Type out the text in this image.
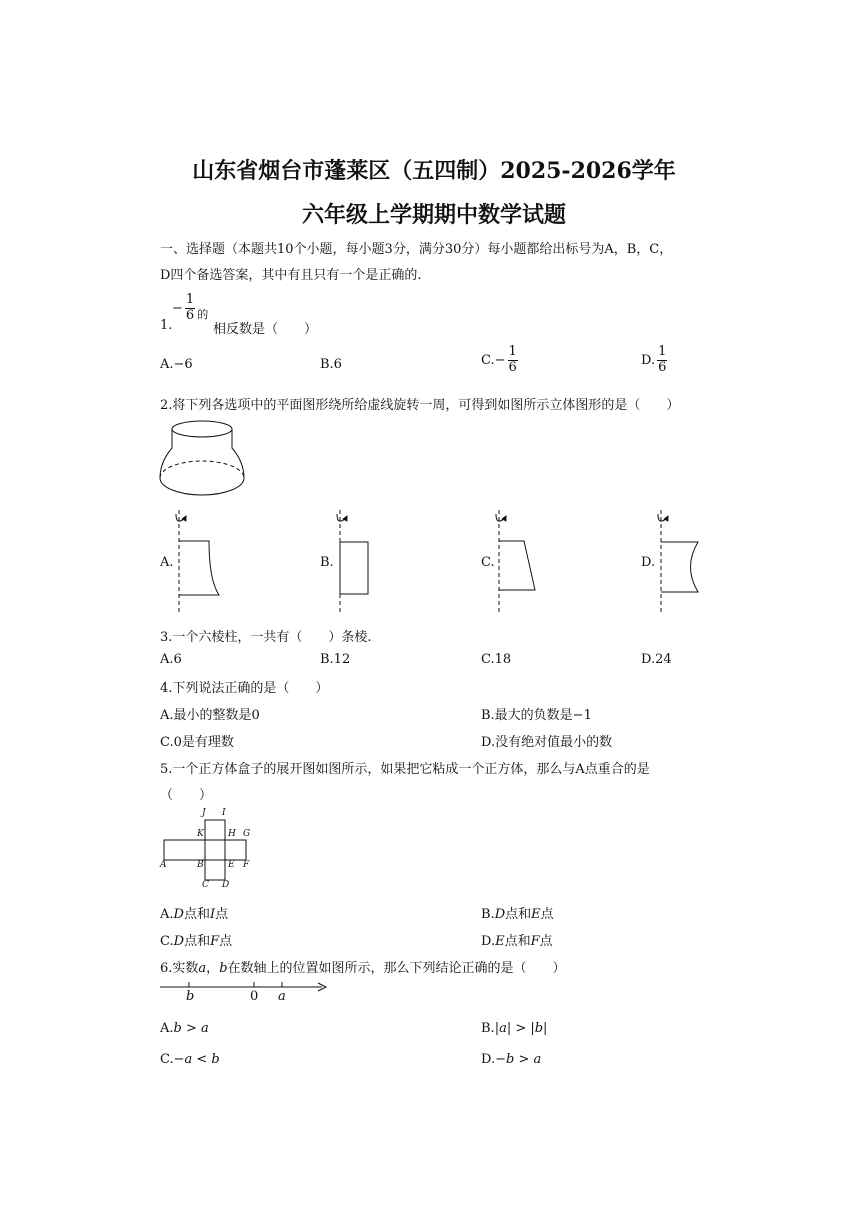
山东省烟台市蓬莱区（五四制）2025-2026学年
六年级上学期期中数学试题
一、选择题（本题共10个小题，每小题3分，满分30分）每小题都给出标号为A，B，C，
D四个备选答案，其中有且只有一个是正确的.
1.
− $\frac{1}{6} _的$
相反数是（　　）
A.−6	B.6	$C.- \frac{1}{6}$	D. $\frac{1}{6}$
2.将下列各选项中的平面图形绕所给虚线旋转一周，可得到如图所示立体图形的是（　　）
A.	B.	C.	D.
3.一个六棱柱，一共有（　　）条棱.
A.6	B.12	C.18	D.24
4.下列说法正确的是（　　）
A.最小的整数是0	B.最大的负数是−1
C.0是有理数	D.没有绝对值最小的数
5.一个正方体盒子的展开图如图所示，如果把它粘成一个正方体，那么与A点重合的是
（　　）
J I
K	H G
A	B	E F
C D
A.D点和I点	B.D点和E点
C.D点和F点	D.E点和F点
6.实数a，b在数轴上的位置如图所示，那么下列结论正确的是（　　）
b	0 a
A.b > a	B.|a| > |b|
C.−a < b	D.−b > a
